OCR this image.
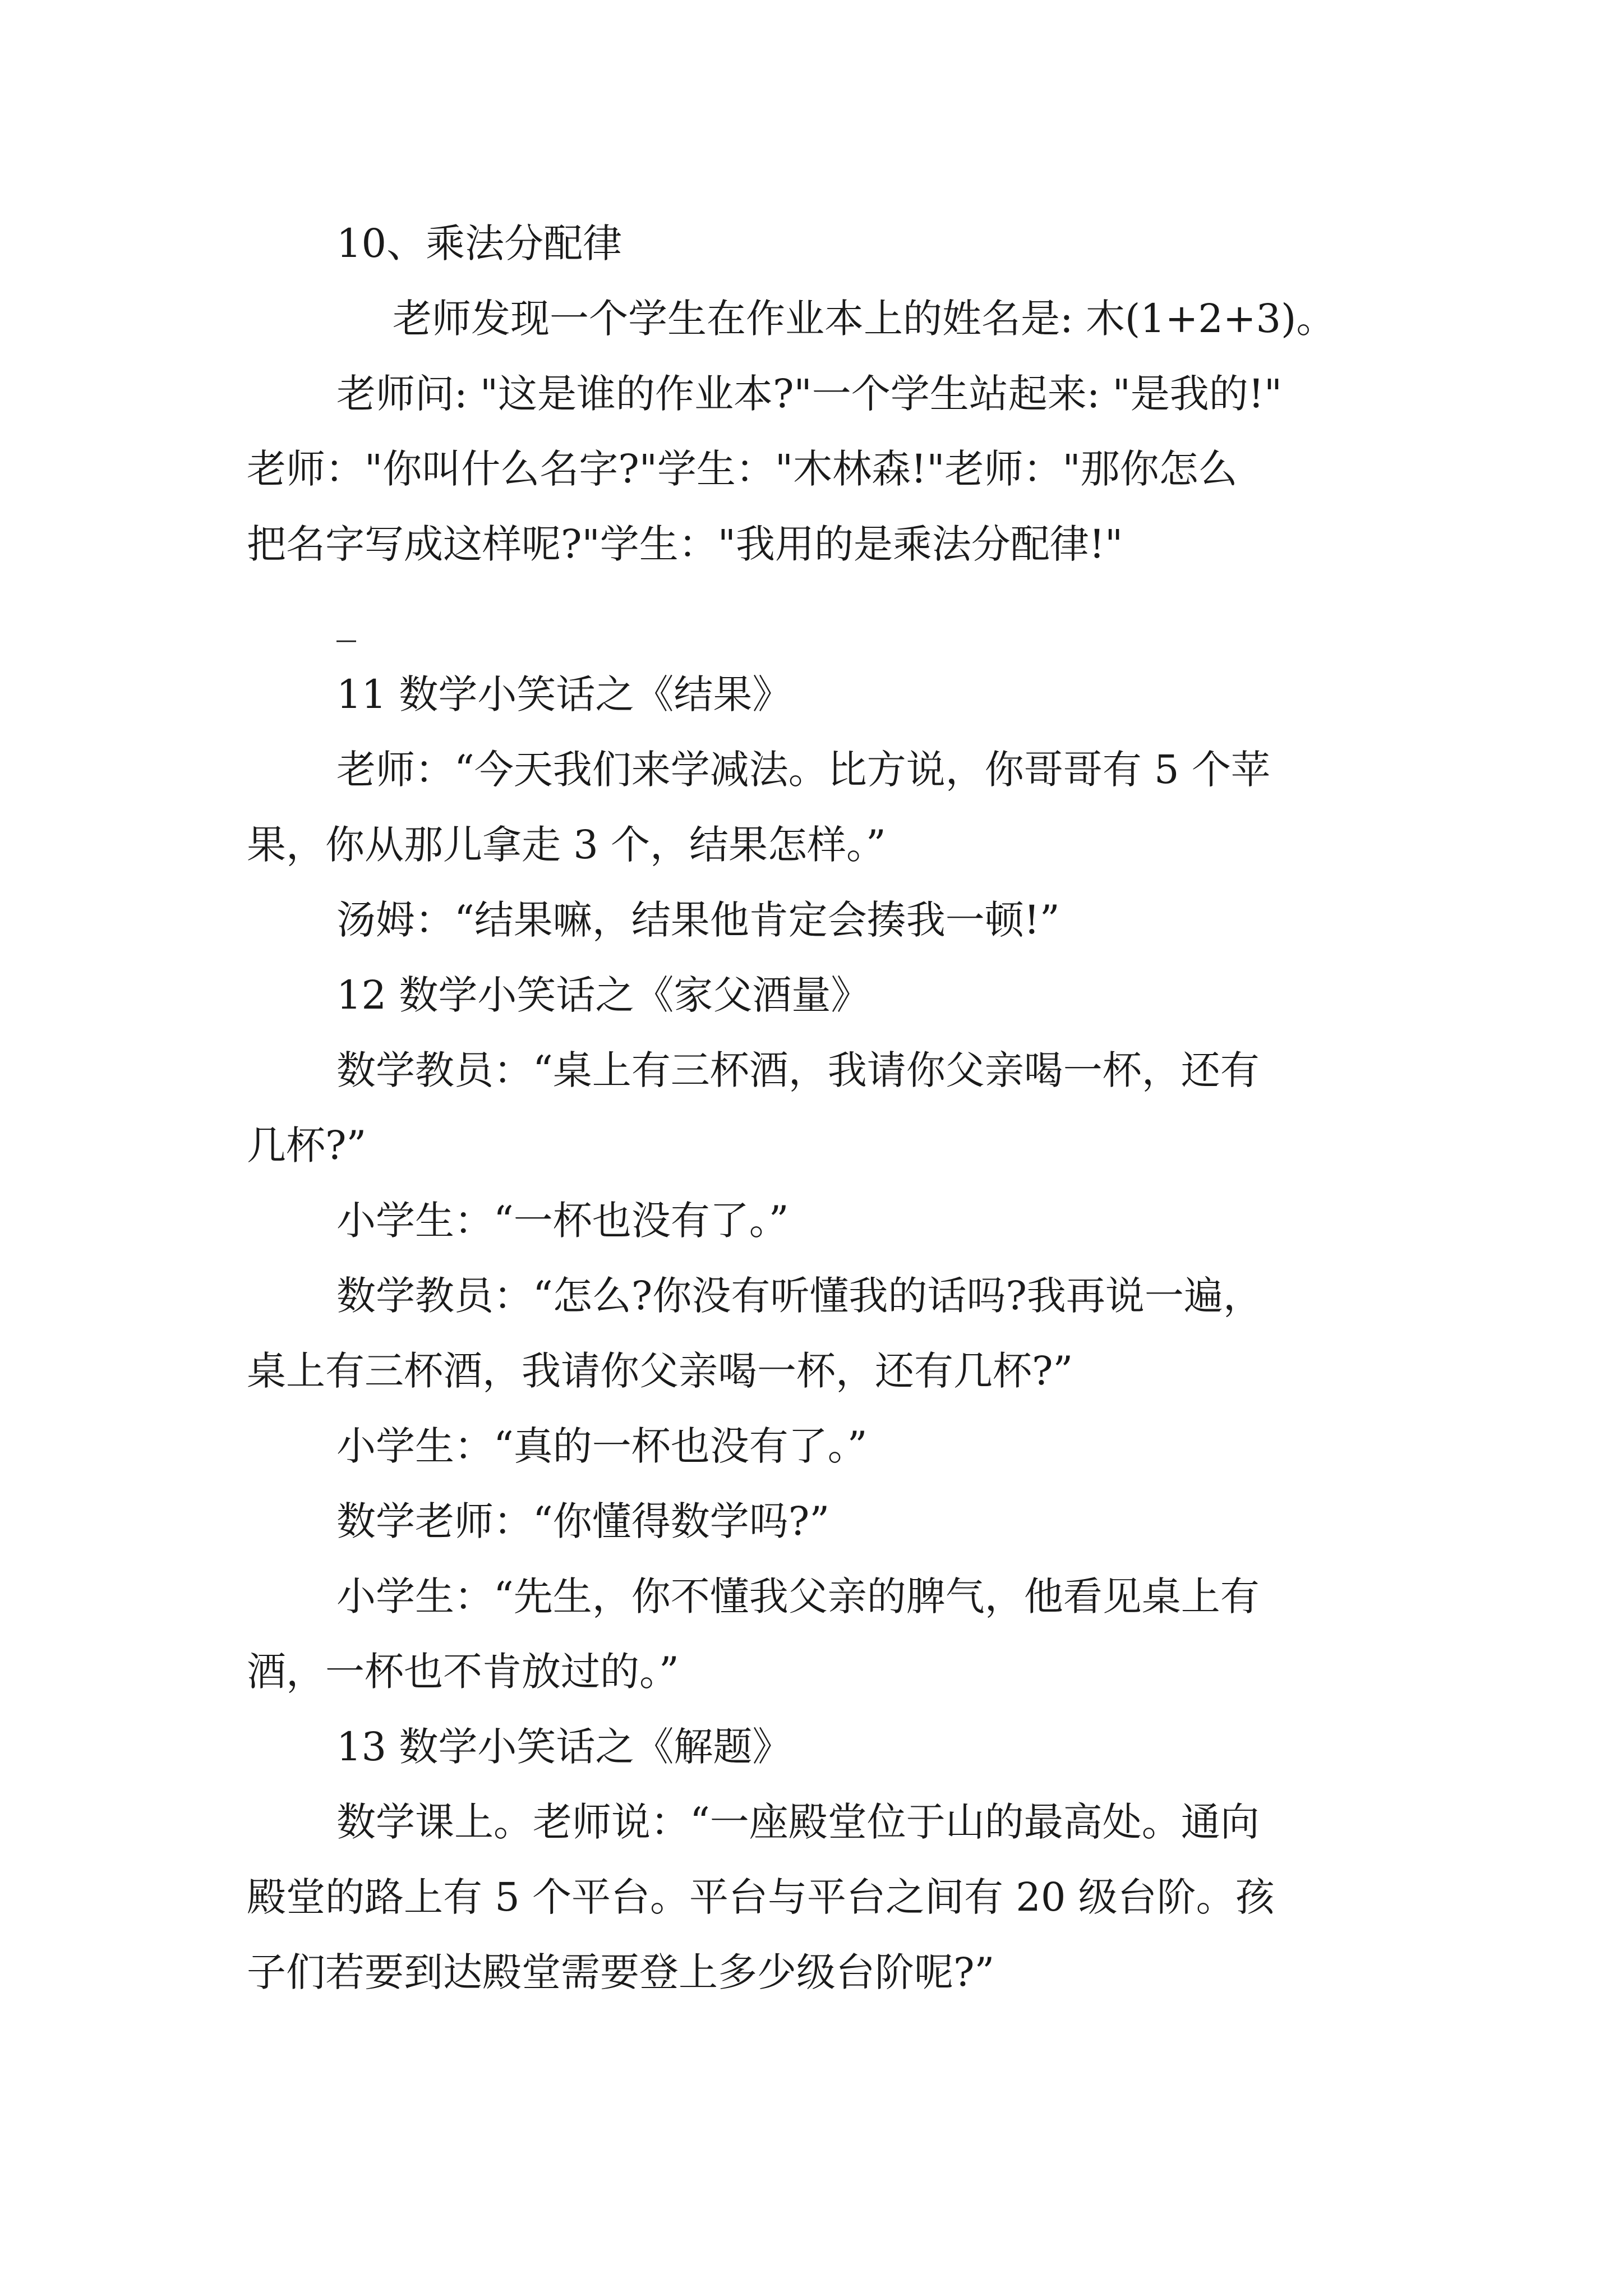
10、乘法分配律
老师发现一个学生在作业本上的姓名是: 木(1+2+3)。
老师问: "这是谁的作业本?"一个学生站起来: "是我的!"
老师："你叫什么名字?"学生："木林森!"老师："那你怎么
把名字写成这样呢?"学生："我用的是乘法分配律!"
_
11 数学小笑话之《结果》
老师：“今天我们来学减法。比方说，你哥哥有 5 个苹
果，你从那儿拿走 3 个，结果怎样。”
汤姆：“结果嘛，结果他肯定会揍我一顿!”
12 数学小笑话之《家父酒量》
数学教员：“桌上有三杯酒，我请你父亲喝一杯，还有
几杯?”
小学生：“一杯也没有了。”
数学教员：“怎么?你没有听懂我的话吗?我再说一遍，
桌上有三杯酒，我请你父亲喝一杯，还有几杯?”
小学生：“真的一杯也没有了。”
数学老师：“你懂得数学吗?”
小学生：“先生，你不懂我父亲的脾气，他看见桌上有
酒，一杯也不肯放过的。”
13 数学小笑话之《解题》
数学课上。老师说：“一座殿堂位于山的最高处。通向
殿堂的路上有 5 个平台。平台与平台之间有 20 级台阶。孩
子们若要到达殿堂需要登上多少级台阶呢?”
